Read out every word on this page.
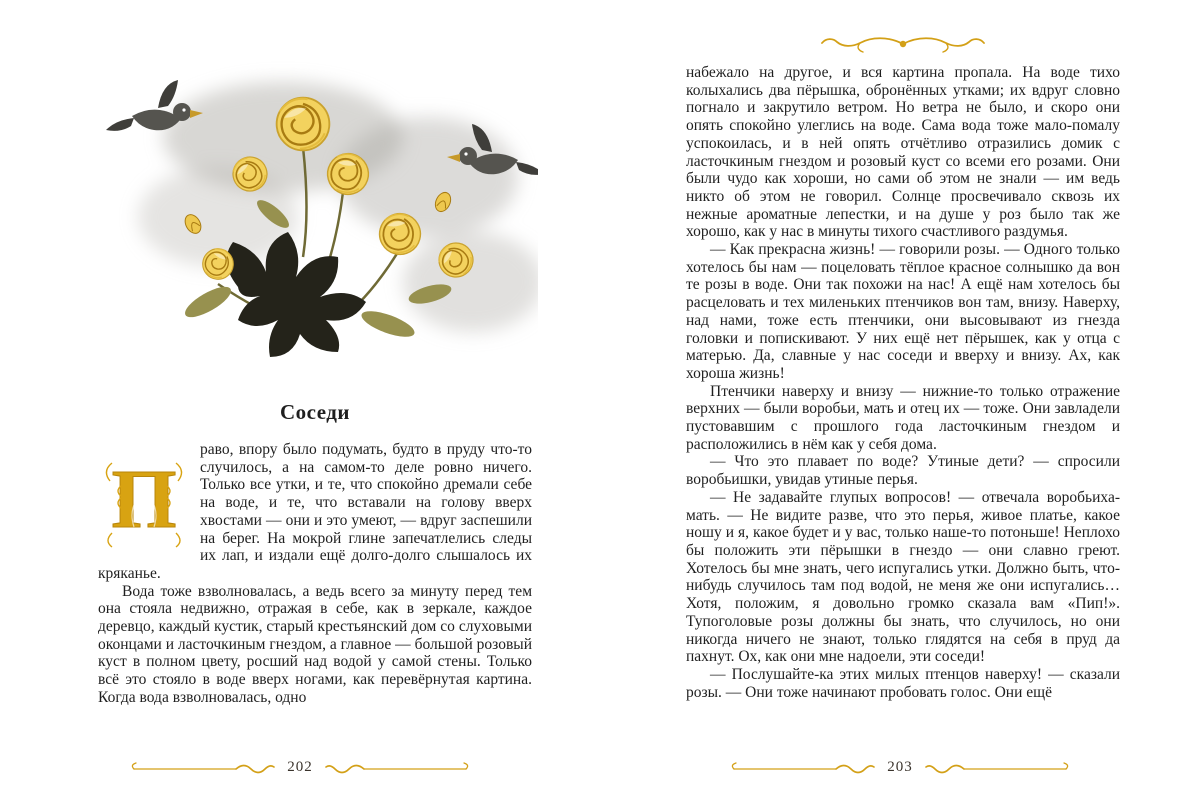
Соседи

П
раво, впору было подумать, будто в пруду что-то случилось, а на самом-то деле ровно ничего. Только все утки, и те, что спокойно дремали себе на воде, и те, что вставали на голову вверх хвостами — они и это умеют, — вдруг заспешили на берег. На мокрой глине запечатлелись следы их лап, и издали ещё долго-долго слышалось их кряканье.

Вода тоже взволновалась, а ведь всего за минуту перед тем она стояла недвижно, отражая в себе, как в зеркале, каждое деревцо, каждый кустик, старый крестьянский дом со слуховыми оконцами и ласточкиным гнездом, а главное — большой розовый куст в полном цвету, росший над водой у самой стены. Только всё это стояло в воде вверх ногами, как перевёрнутая картина. Когда вода взволновалась, одно

202

набежало на другое, и вся картина пропала. На воде тихо колыхались два пёрышка, обронённых утками; их вдруг словно погнало и закрутило ветром. Но ветра не было, и скоро они опять спокойно улеглись на воде. Сама вода тоже мало-помалу успокоилась, и в ней опять отчётливо отразились домик с ласточкиным гнездом и розовый куст со всеми его розами. Они были чудо как хороши, но сами об этом не знали — им ведь никто об этом не говорил. Солнце просвечивало сквозь их нежные ароматные лепестки, и на душе у роз было так же хорошо, как у нас в минуты тихого счастливого раздумья.

— Как прекрасна жизнь! — говорили розы. — Одного только хотелось бы нам — поцеловать тёплое красное солнышко да вон те розы в воде. Они так похожи на нас! А ещё нам хотелось бы расцеловать и тех миленьких птенчиков вон там, внизу. Наверху, над нами, тоже есть птенчики, они высовывают из гнезда головки и попискивают. У них ещё нет пёрышек, как у отца с матерью. Да, славные у нас соседи и вверху и внизу. Ах, как хороша жизнь!

Птенчики наверху и внизу — нижние-то только отражение верхних — были воробьи, мать и отец их — тоже. Они завладели пустовавшим с прошлого года ласточкиным гнездом и расположились в нём как у себя дома.

— Что это плавает по воде? Утиные дети? — спросили воробьишки, увидав утиные перья.

— Не задавайте глупых вопросов! — отвечала воробьиха-мать. — Не видите разве, что это перья, живое платье, какое ношу и я, какое будет и у вас, только наше-то потоньше! Неплохо бы положить эти пёрышки в гнездо — они славно греют. Хотелось бы мне знать, чего испугались утки. Должно быть, что-нибудь случилось там под водой, не меня же они испугались… Хотя, положим, я довольно громко сказала вам «Пип!». Тупоголовые розы должны бы знать, что случилось, но они никогда ничего не знают, только глядятся на себя в пруд да пахнут. Ох, как они мне надоели, эти соседи!

— Послушайте-ка этих милых птенцов наверху! — сказали розы. — Они тоже начинают пробовать голос. Они ещё

203
